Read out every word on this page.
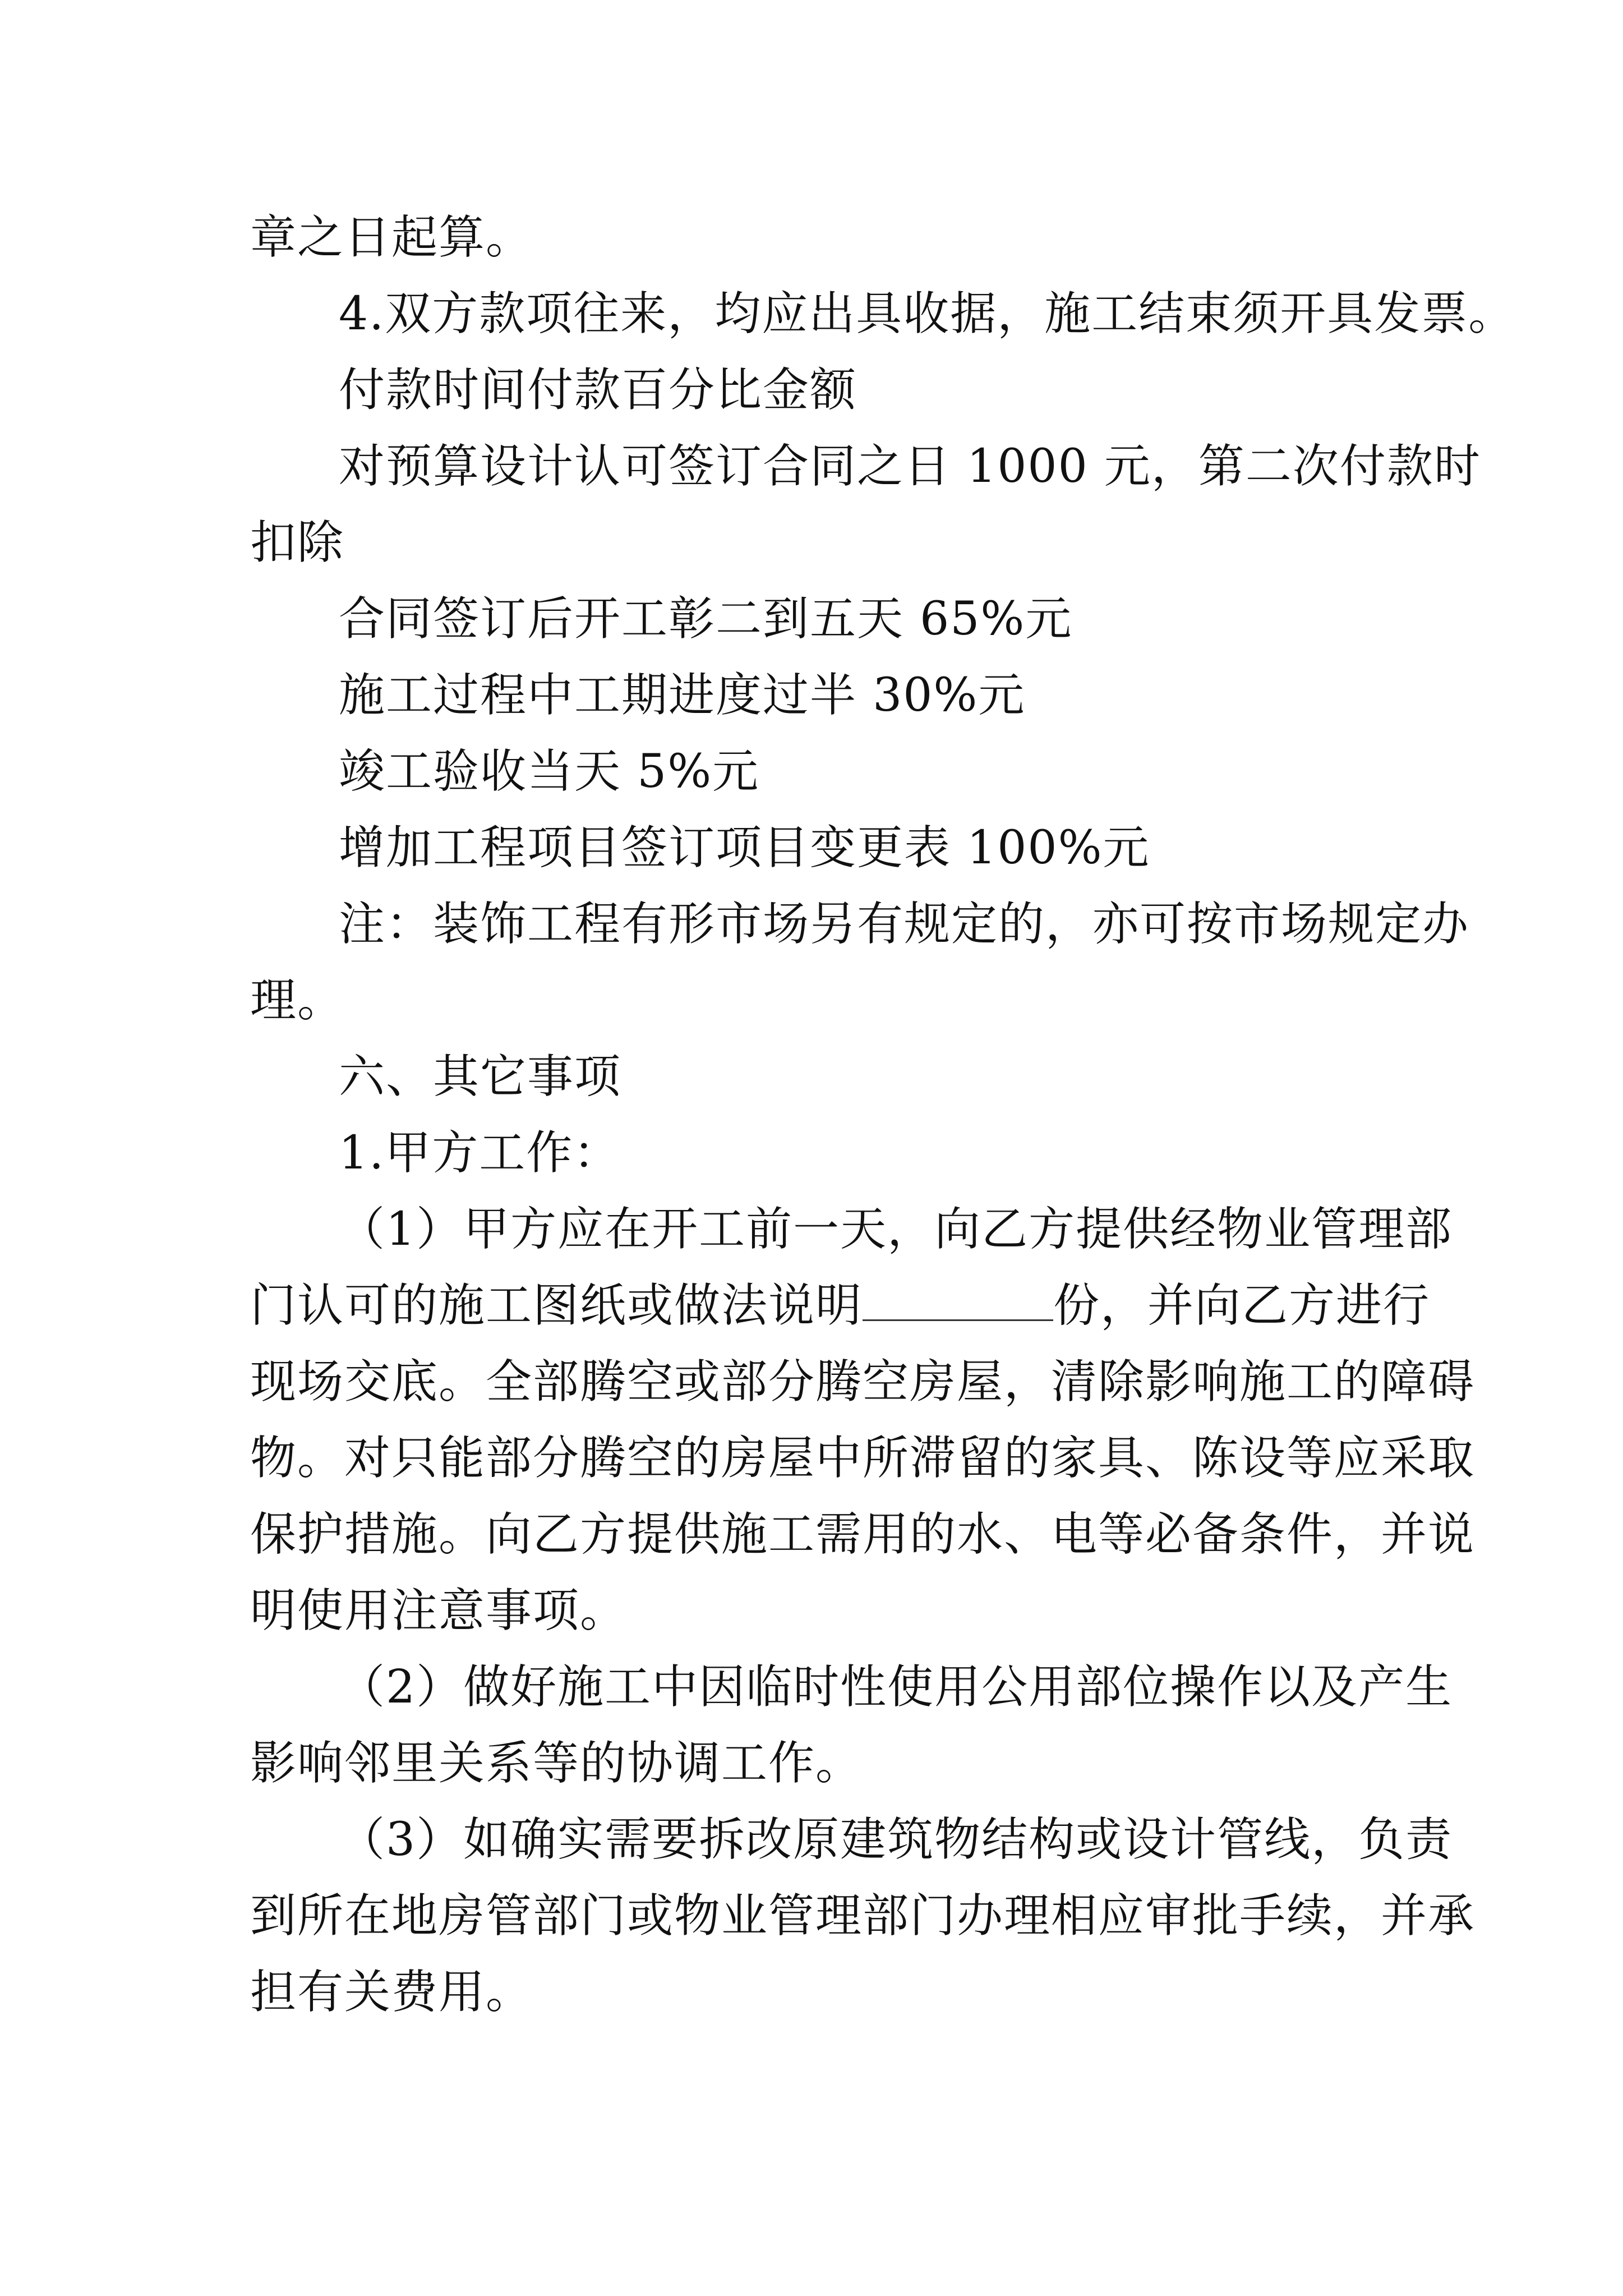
章之日起算。
4.双方款项往来，均应出具收据，施工结束须开具发票。
付款时间付款百分比金额
对预算设计认可签订合同之日 1000 元，第二次付款时
扣除
合同签订后开工彰二到五天 65%元
施工过程中工期进度过半 30%元
竣工验收当天 5%元
增加工程项目签订项目变更表 100%元
注：装饰工程有形市场另有规定的，亦可按市场规定办
理。
六、其它事项
1.甲方工作：
（1）甲方应在开工前一天，向乙方提供经物业管理部
门认可的施工图纸或做法说明	份，并向乙方进行
现场交底。全部腾空或部分腾空房屋，清除影响施工的障碍
物。对只能部分腾空的房屋中所滞留的家具、陈设等应采取
保护措施。向乙方提供施工需用的水、电等必备条件，并说
明使用注意事项。
（2）做好施工中因临时性使用公用部位操作以及产生
影响邻里关系等的协调工作。
（3）如确实需要拆改原建筑物结构或设计管线，负责
到所在地房管部门或物业管理部门办理相应审批手续，并承
担有关费用。
